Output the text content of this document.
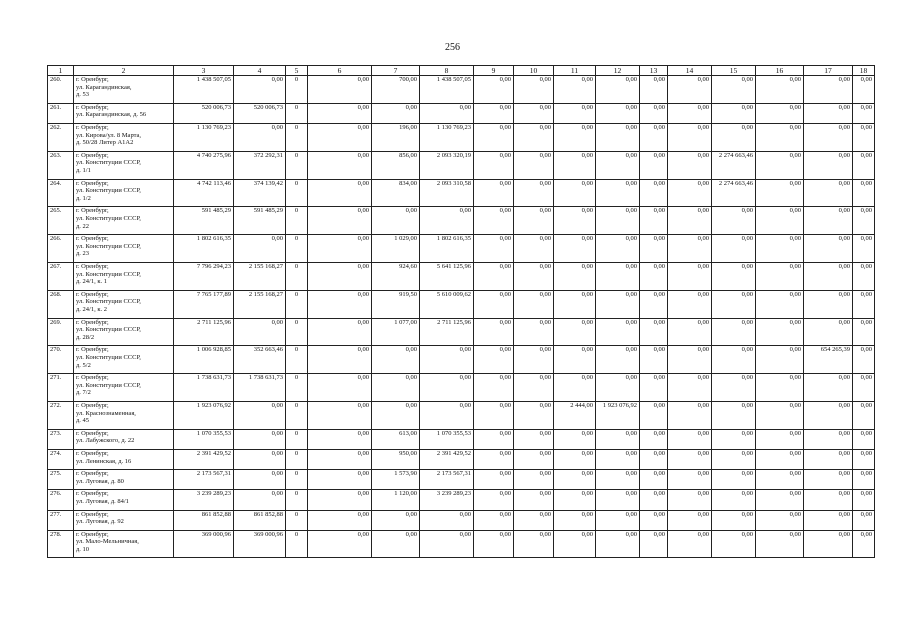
256
1	2	3	4	5	6	7	8	9	10	11	12	13	14	15	16	17	18
260.	г. Оренбург,
ул. Карагандинская,
д. 53	1 438 507,05	0,00	0	0,00	700,00	1 438 507,05	0,00	0,00	0,00	0,00	0,00	0,00	0,00	0,00	0,00	0,00
261.	г. Оренбург,
ул. Карагандинская, д. 56	520 006,73	520 006,73	0	0,00	0,00	0,00	0,00	0,00	0,00	0,00	0,00	0,00	0,00	0,00	0,00	0,00
262.	г. Оренбург,
ул. Кирова/ул. 8 Марта,
д. 50/28 Литер А1А2	1 130 769,23	0,00	0	0,00	196,00	1 130 769,23	0,00	0,00	0,00	0,00	0,00	0,00	0,00	0,00	0,00	0,00
263.	г. Оренбург,
ул. Конституции СССР,
д. 1/1	4 740 275,96	372 292,31	0	0,00	856,00	2 093 320,19	0,00	0,00	0,00	0,00	0,00	0,00	2 274 663,46	0,00	0,00	0,00
264.	г. Оренбург,
ул. Конституции СССР,
д. 1/2	4 742 113,46	374 139,42	0	0,00	834,00	2 093 310,58	0,00	0,00	0,00	0,00	0,00	0,00	2 274 663,46	0,00	0,00	0,00
265.	г. Оренбург,
ул. Конституции СССР,
д. 22	591 485,29	591 485,29	0	0,00	0,00	0,00	0,00	0,00	0,00	0,00	0,00	0,00	0,00	0,00	0,00	0,00
266.	г. Оренбург,
ул. Конституции СССР,
д. 23	1 802 616,35	0,00	0	0,00	1 029,00	1 802 616,35	0,00	0,00	0,00	0,00	0,00	0,00	0,00	0,00	0,00	0,00
267.	г. Оренбург,
ул. Конституции СССР,
д. 24/1, к. 1	7 796 294,23	2 155 168,27	0	0,00	924,60	5 641 125,96	0,00	0,00	0,00	0,00	0,00	0,00	0,00	0,00	0,00	0,00
268.	г. Оренбург,
ул. Конституции СССР,
д. 24/1, к. 2	7 765 177,89	2 155 168,27	0	0,00	919,50	5 610 009,62	0,00	0,00	0,00	0,00	0,00	0,00	0,00	0,00	0,00	0,00
269.	г. Оренбург,
ул. Конституции СССР,
д. 28/2	2 711 125,96	0,00	0	0,00	1 077,00	2 711 125,96	0,00	0,00	0,00	0,00	0,00	0,00	0,00	0,00	0,00	0,00
270.	г. Оренбург,
ул. Конституции СССР,
д. 5/2	1 006 928,85	352 663,46	0	0,00	0,00	0,00	0,00	0,00	0,00	0,00	0,00	0,00	0,00	0,00	654 265,39	0,00
271.	г. Оренбург,
ул. Конституции СССР,
д. 7/2	1 738 631,73	1 738 631,73	0	0,00	0,00	0,00	0,00	0,00	0,00	0,00	0,00	0,00	0,00	0,00	0,00	0,00
272.	г. Оренбург,
ул. Краснознаменная,
д. 45	1 923 076,92	0,00	0	0,00	0,00	0,00	0,00	0,00	2 444,00	1 923 076,92	0,00	0,00	0,00	0,00	0,00	0,00
273.	г. Оренбург,
ул. Лабужского, д. 22	1 070 355,53	0,00	0	0,00	613,00	1 070 355,53	0,00	0,00	0,00	0,00	0,00	0,00	0,00	0,00	0,00	0,00
274.	г. Оренбург,
ул. Ленинская, д. 16	2 391 429,52	0,00	0	0,00	950,00	2 391 429,52	0,00	0,00	0,00	0,00	0,00	0,00	0,00	0,00	0,00	0,00
275.	г. Оренбург,
ул. Луговая, д. 80	2 173 567,31	0,00	0	0,00	1 573,90	2 173 567,31	0,00	0,00	0,00	0,00	0,00	0,00	0,00	0,00	0,00	0,00
276.	г. Оренбург,
ул. Луговая, д. 84/1	3 239 289,23	0,00	0	0,00	1 120,00	3 239 289,23	0,00	0,00	0,00	0,00	0,00	0,00	0,00	0,00	0,00	0,00
277.	г. Оренбург,
ул. Луговая, д. 92	861 852,88	861 852,88	0	0,00	0,00	0,00	0,00	0,00	0,00	0,00	0,00	0,00	0,00	0,00	0,00	0,00
278.	г. Оренбург,
ул. Мало-Мельничная,
д. 10	369 000,96	369 000,96	0	0,00	0,00	0,00	0,00	0,00	0,00	0,00	0,00	0,00	0,00	0,00	0,00	0,00
